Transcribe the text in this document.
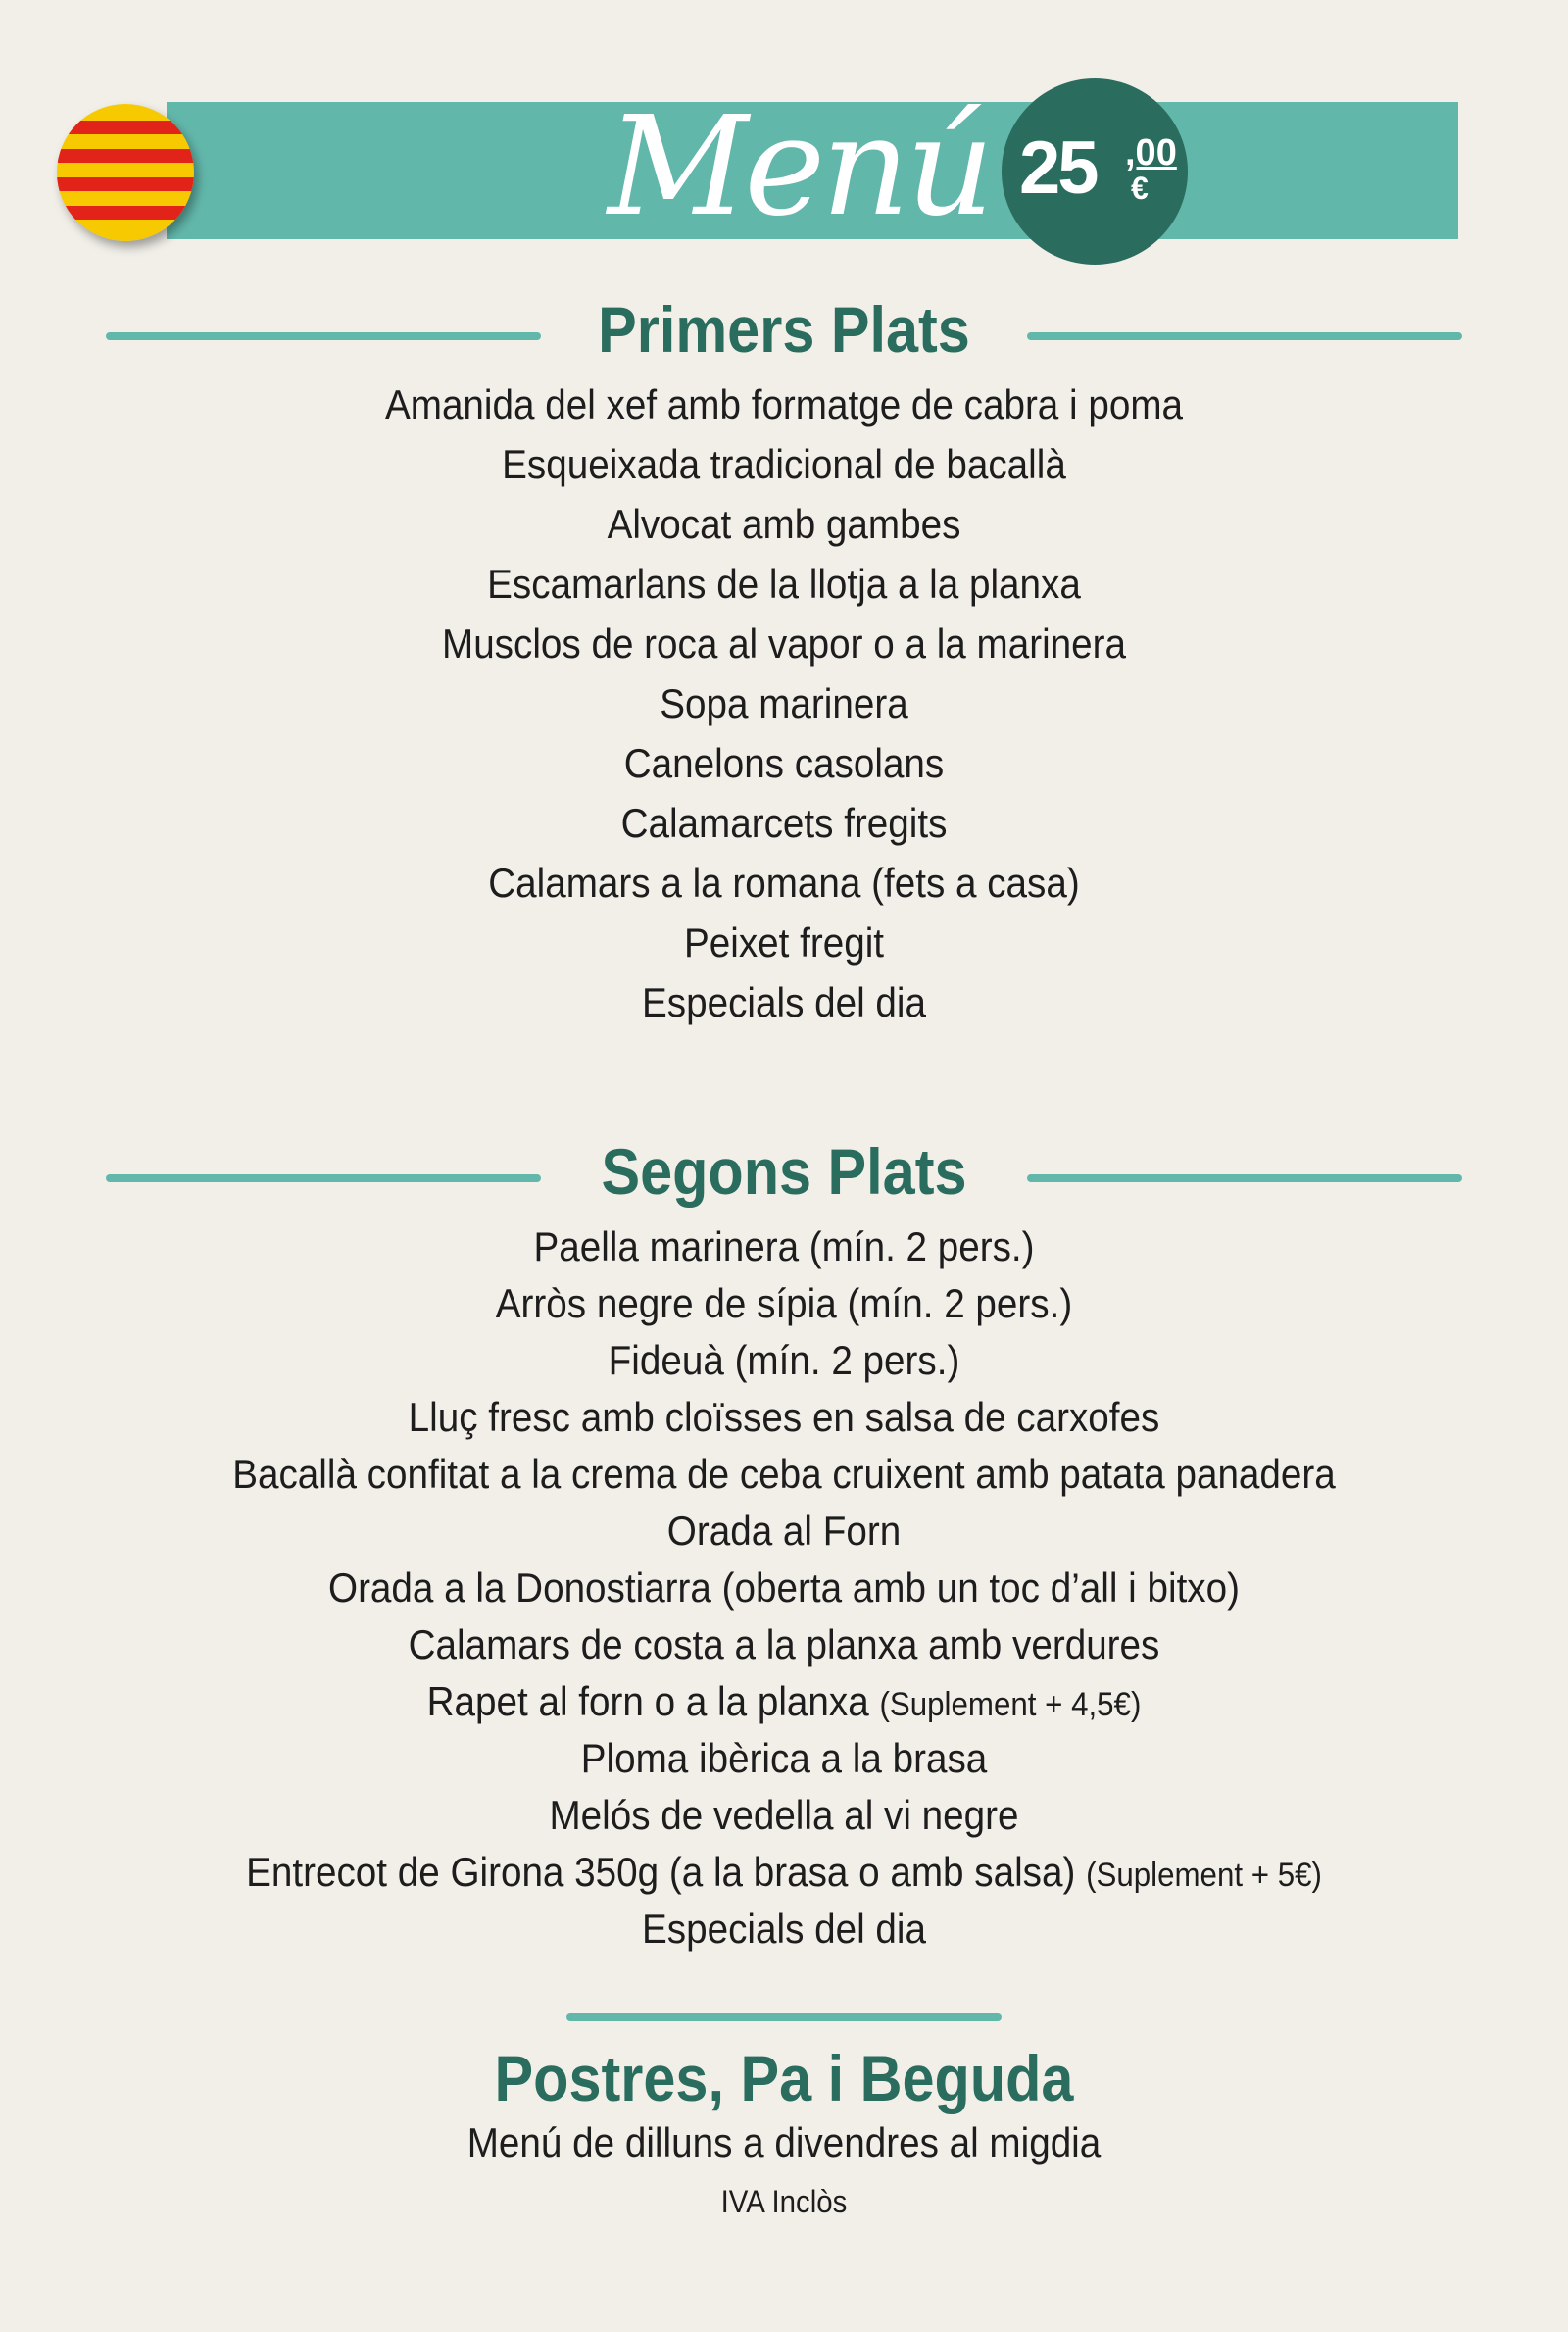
Menú 25 ,00
€
Primers Plats
Amanida del xef amb formatge de cabra i poma
Esqueixada tradicional de bacallà
Alvocat amb gambes
Escamarlans de la llotja a la planxa
Musclos de roca al vapor o a la marinera
Sopa marinera
Canelons casolans
Calamarcets fregits
Calamars a la romana (fets a casa)
Peixet fregit
Especials del dia
Segons Plats
Paella marinera (mín. 2 pers.)
Arròs negre de sípia (mín. 2 pers.)
Fideuà (mín. 2 pers.)
Lluç fresc amb cloïsses en salsa de carxofes
Bacallà confitat a la crema de ceba cruixent amb patata panadera
Orada al Forn
Orada a la Donostiarra (oberta amb un toc d’all i bitxo)
Calamars de costa a la planxa amb verdures
Rapet al forn o a la planxa (Suplement + 4,5€)
Ploma ibèrica a la brasa
Melós de vedella al vi negre
Entrecot de Girona 350g (a la brasa o amb salsa) (Suplement + 5€)
Especials del dia
Postres, Pa i Beguda
Menú de dilluns a divendres al migdia
IVA Inclòs
